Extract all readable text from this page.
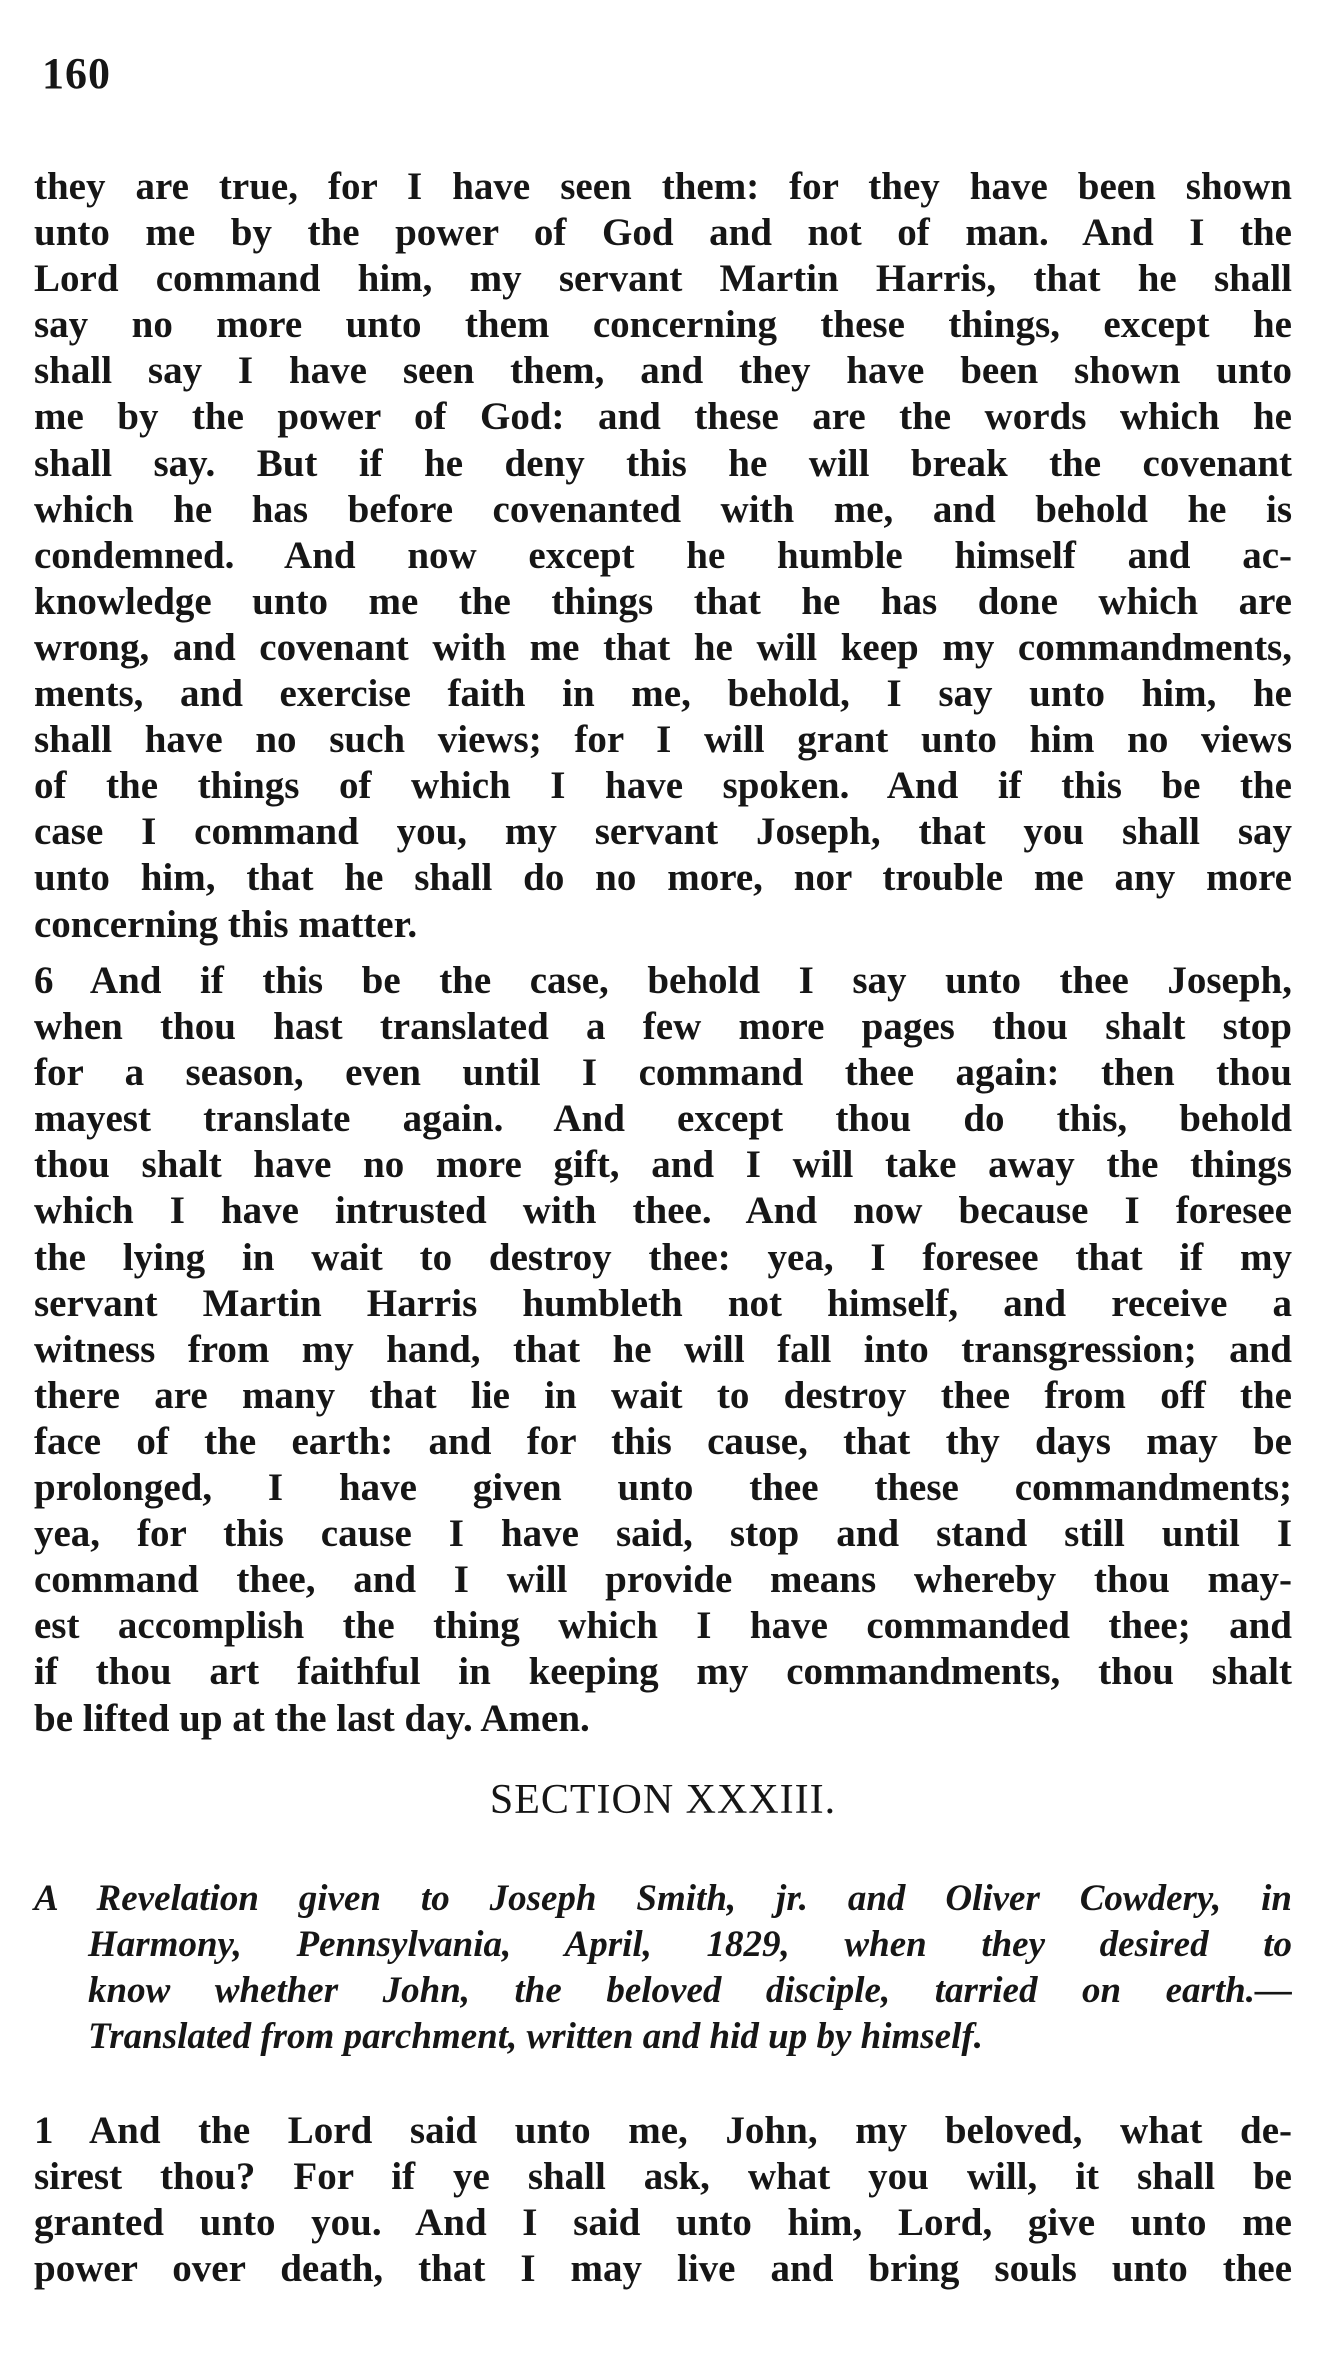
160
they are true, for I have seen them: for they have been shown
unto me by the power of God and not of man. And I the
Lord command him, my servant Martin Harris, that he shall
say no more unto them concerning these things, except he
shall say I have seen them, and they have been shown unto
me by the power of God: and these are the words which he
shall say. But if he deny this he will break the covenant
which he has before covenanted with me, and behold he is
condemned. And now except he humble himself and ac-
knowledge unto me the things that he has done which are
wrong, and covenant with me that he will keep my commandments,
ments, and exercise faith in me, behold, I say unto him, he
shall have no such views; for I will grant unto him no views
of the things of which I have spoken. And if this be the
case I command you, my servant Joseph, that you shall say
unto him, that he shall do no more, nor trouble me any more
concerning this matter.
6 And if this be the case, behold I say unto thee Joseph,
when thou hast translated a few more pages thou shalt stop
for a season, even until I command thee again: then thou
mayest translate again. And except thou do this, behold
thou shalt have no more gift, and I will take away the things
which I have intrusted with thee. And now because I foresee
the lying in wait to destroy thee: yea, I foresee that if my
servant Martin Harris humbleth not himself, and receive a
witness from my hand, that he will fall into transgression; and
there are many that lie in wait to destroy thee from off the
face of the earth: and for this cause, that thy days may be
prolonged, I have given unto thee these commandments;
yea, for this cause I have said, stop and stand still until I
command thee, and I will provide means whereby thou may-
est accomplish the thing which I have commanded thee; and
if thou art faithful in keeping my commandments, thou shalt
be lifted up at the last day. Amen.
SECTION XXXIII.
A Revelation given to Joseph Smith, jr. and Oliver Cowdery, in
Harmony, Pennsylvania, April, 1829, when they desired to
know whether John, the beloved disciple, tarried on earth.—
Translated from parchment, written and hid up by himself.
1 And the Lord said unto me, John, my beloved, what de-
sirest thou? For if ye shall ask, what you will, it shall be
granted unto you. And I said unto him, Lord, give unto me
power over death, that I may live and bring souls unto thee
